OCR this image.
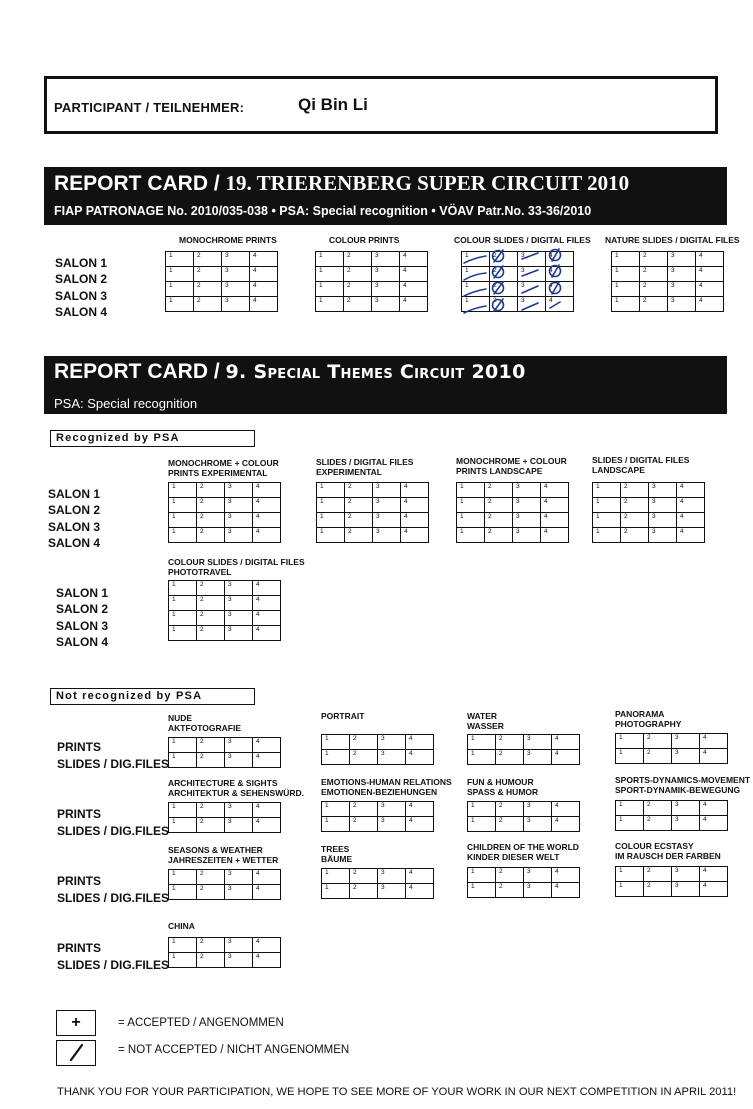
PARTICIPANT / TEILNEHMER:	Qi Bin Li
REPORT CARD / 19. TRIERENBERG SUPER CIRCUIT 2010
FIAP PATRONAGE No. 2010/035-038 • PSA: Special recognition • VÖAV Patr.No. 33-36/2010
REPORT CARD / 9. Special Themes Circuit 2010
PSA: Special recognition
Recognized by PSA
Not recognized by PSA
MONOCHROME PRINTS
1	2	3	4
1	2	3	4
1	2	3	4
1	2	3	4
COLOUR PRINTS
1	2	3	4
1	2	3	4
1	2	3	4
1	2	3	4
COLOUR SLIDES / DIGITAL FILES
1	2	3	4
1	2	3	4
1	2	3	4
1	2	3	4
NATURE SLIDES / DIGITAL FILES
1	2	3	4
1	2	3	4
1	2	3	4
1	2	3	4
SALON 1
SALON 2
SALON 3
SALON 4
MONOCHROME + COLOUR
PRINTS EXPERIMENTAL
1	2	3	4
1	2	3	4
1	2	3	4
1	2	3	4
SLIDES / DIGITAL FILES
EXPERIMENTAL
1	2	3	4
1	2	3	4
1	2	3	4
1	2	3	4
MONOCHROME + COLOUR
PRINTS LANDSCAPE
1	2	3	4
1	2	3	4
1	2	3	4
1	2	3	4
SLIDES / DIGITAL FILES
LANDSCAPE
1	2	3	4
1	2	3	4
1	2	3	4
1	2	3	4
SALON 1
SALON 2
SALON 3
SALON 4
COLOUR SLIDES / DIGITAL FILES
PHOTOTRAVEL
1	2	3	4
1	2	3	4
1	2	3	4
1	2	3	4
SALON 1
SALON 2
SALON 3
SALON 4
NUDE
AKTFOTOGRAFIE
1	2	3	4
1	2	3	4
PORTRAIT
1	2	3	4
1	2	3	4
WATER
WASSER
1	2	3	4
1	2	3	4
PANORAMA
PHOTOGRAPHY
1	2	3	4
1	2	3	4
PRINTS
SLIDES / DIG.FILES
ARCHITECTURE & SIGHTS
ARCHITEKTUR & SEHENSWÜRD.
1	2	3	4
1	2	3	4
EMOTIONS-HUMAN RELATIONS
EMOTIONEN-BEZIEHUNGEN
1	2	3	4
1	2	3	4
FUN & HUMOUR
SPASS & HUMOR
1	2	3	4
1	2	3	4
SPORTS-DYNAMICS-MOVEMENT
SPORT-DYNAMIK-BEWEGUNG
1	2	3	4
1	2	3	4
PRINTS
SLIDES / DIG.FILES
SEASONS & WEATHER
JAHRESZEITEN + WETTER
1	2	3	4
1	2	3	4
TREES
BÄUME
1	2	3	4
1	2	3	4
CHILDREN OF THE WORLD
KINDER DIESER WELT
1	2	3	4
1	2	3	4
COLOUR ECSTASY
IM RAUSCH DER FARBEN
1	2	3	4
1	2	3	4
PRINTS
SLIDES / DIG.FILES
CHINA
1	2	3	4
1	2	3	4
PRINTS
SLIDES / DIG.FILES
+	= ACCEPTED / ANGENOMMEN
= NOT ACCEPTED / NICHT ANGENOMMEN
THANK YOU FOR YOUR PARTICIPATION, WE HOPE TO SEE MORE OF YOUR WORK IN OUR NEXT COMPETITION IN APRIL 2011!
